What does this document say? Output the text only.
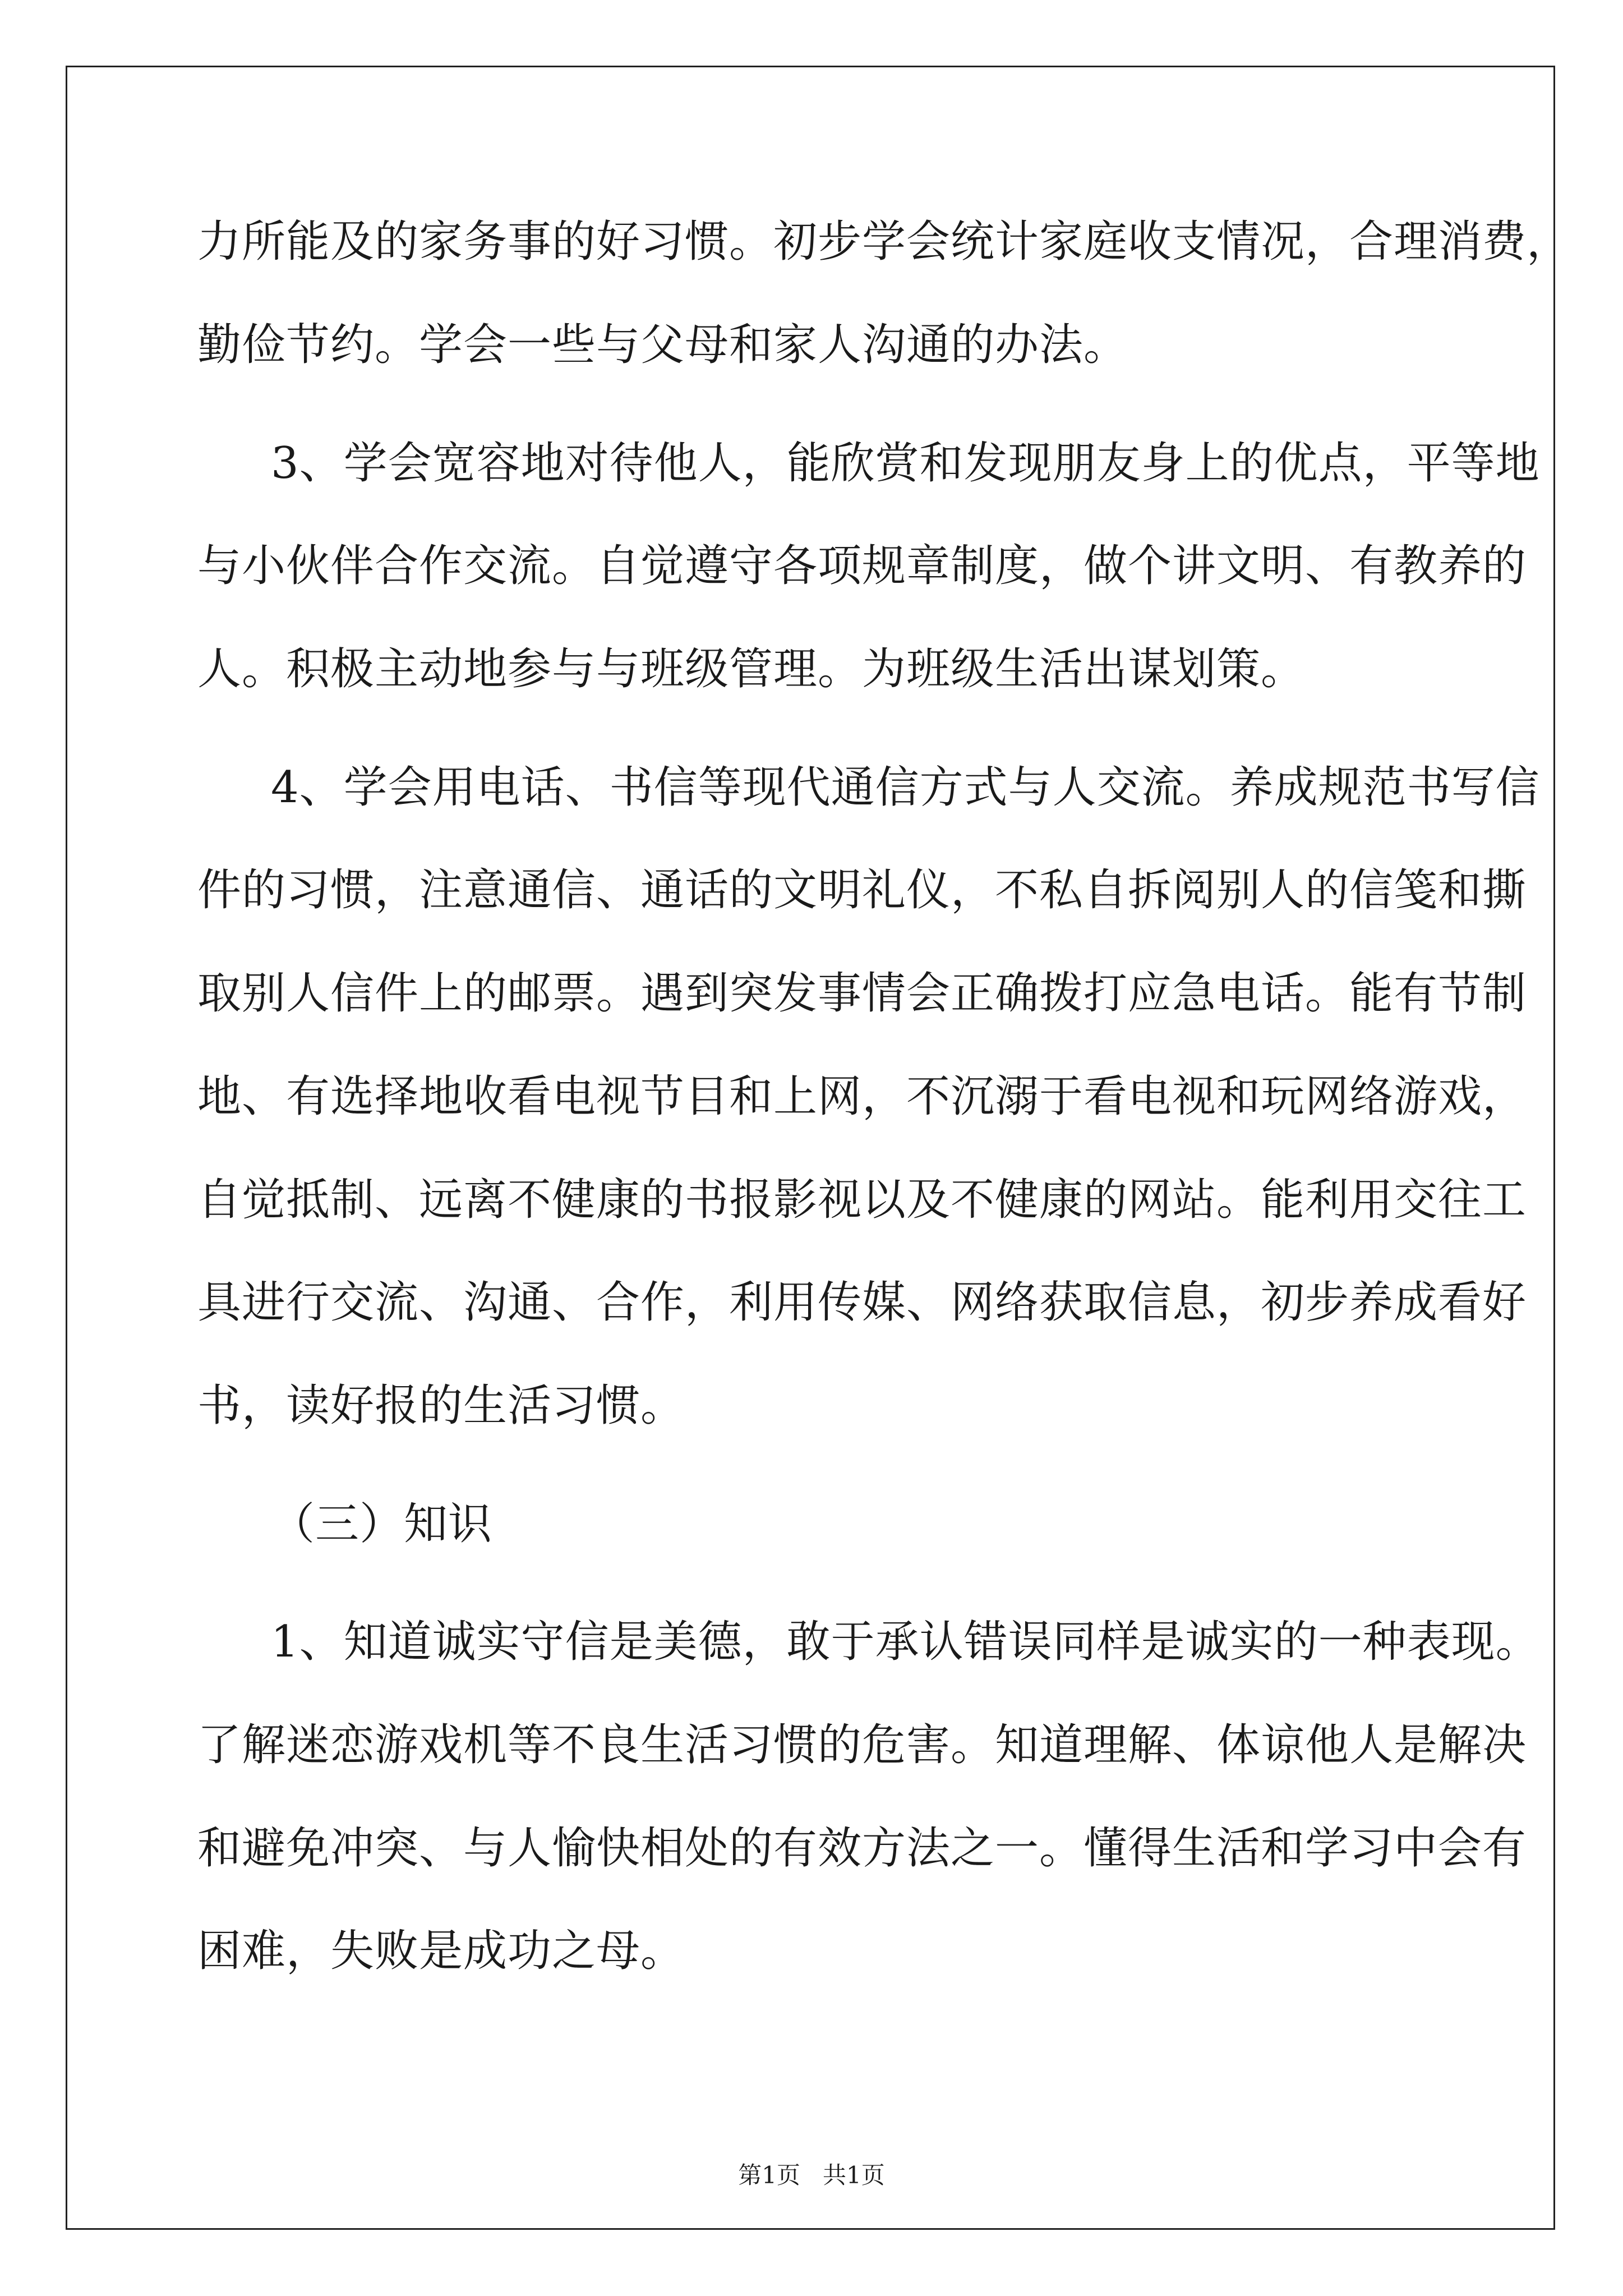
力所能及的家务事的好习惯。初步学会统计家庭收支情况，合理消费，
勤俭节约。学会一些与父母和家人沟通的办法。
3、学会宽容地对待他人，能欣赏和发现朋友身上的优点，平等地
与小伙伴合作交流。自觉遵守各项规章制度，做个讲文明、有教养的
人。积极主动地参与与班级管理。为班级生活出谋划策。
4、学会用电话、书信等现代通信方式与人交流。养成规范书写信
件的习惯，注意通信、通话的文明礼仪，不私自拆阅别人的信笺和撕
取别人信件上的邮票。遇到突发事情会正确拨打应急电话。能有节制
地、有选择地收看电视节目和上网，不沉溺于看电视和玩网络游戏，
自觉抵制、远离不健康的书报影视以及不健康的网站。能利用交往工
具进行交流、沟通、合作，利用传媒、网络获取信息，初步养成看好
书，读好报的生活习惯。
（三）知识
1、知道诚实守信是美德，敢于承认错误同样是诚实的一种表现。
了解迷恋游戏机等不良生活习惯的危害。知道理解、体谅他人是解决
和避免冲突、与人愉快相处的有效方法之一。懂得生活和学习中会有
困难，失败是成功之母。
第1页   共1页
